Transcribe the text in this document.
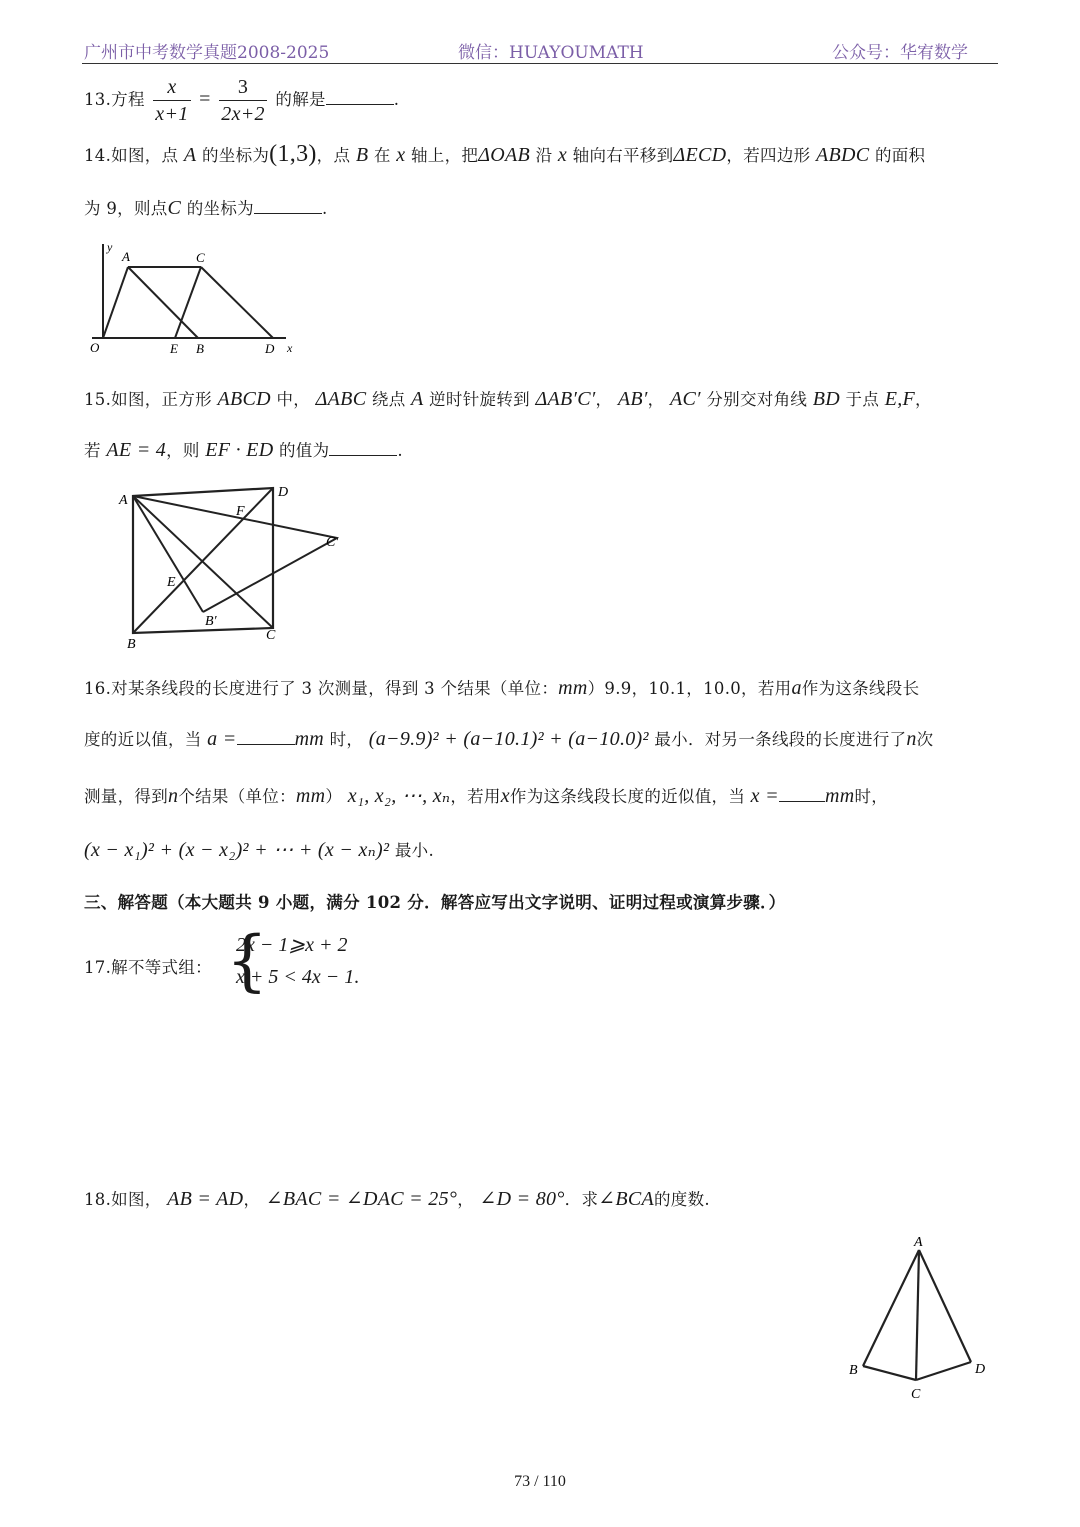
广州市中考数学真题2008-2025	微信：HUAYOUMATH	公众号：华宥数学
13.方程 $\frac{x}{x+1} = \frac{3}{2x+2}$ 的解是	.
14.如图，点 A 的坐标为(1,3)，点 B 在 x 轴上，把ΔOAB 沿 x 轴向右平移到ΔECD，若四边形 ABDC 的面积
为 9，则点C 的坐标为	.
y
A	C
O	E B	D x
15.如图，正方形 ABCD 中， ΔABC 绕点 A 逆时针旋转到 ΔAB′C′， AB′， AC′ 分别交对角线 BD 于点 E,F，
若 AE = 4，则 EF · ED 的值为	.
A
D
F
C′
E
B′
B
C
16.对某条线段的长度进行了 3 次测量，得到 3 个结果（单位：mm）9.9，10.1，10.0，若用a作为这条线段长
度的近以值，当 a =	mm 时， (a−9.9)² + (a−10.1)² + (a−10.0)² 最小．对另一条线段的长度进行了n次
测量，得到n个结果（单位：mm） x₁, x₂, ⋯, xₙ，若用x作为这条线段长度的近似值，当 x = mm时，
(x − x₁)² + (x − x₂)² + ⋯ + (x − xₙ)² 最小.
三、解答题（本大题共 9 小题，满分 102 分．解答应写出文字说明、证明过程或演算步骤．）
17.解不等式组： {
2x − 1⩾x + 2
x + 5 < 4x − 1 .
18.如图， AB = AD， ∠BAC = ∠DAC = 25°， ∠D = 80°．求∠BCA的度数.
A
B
C
D
73 / 110
